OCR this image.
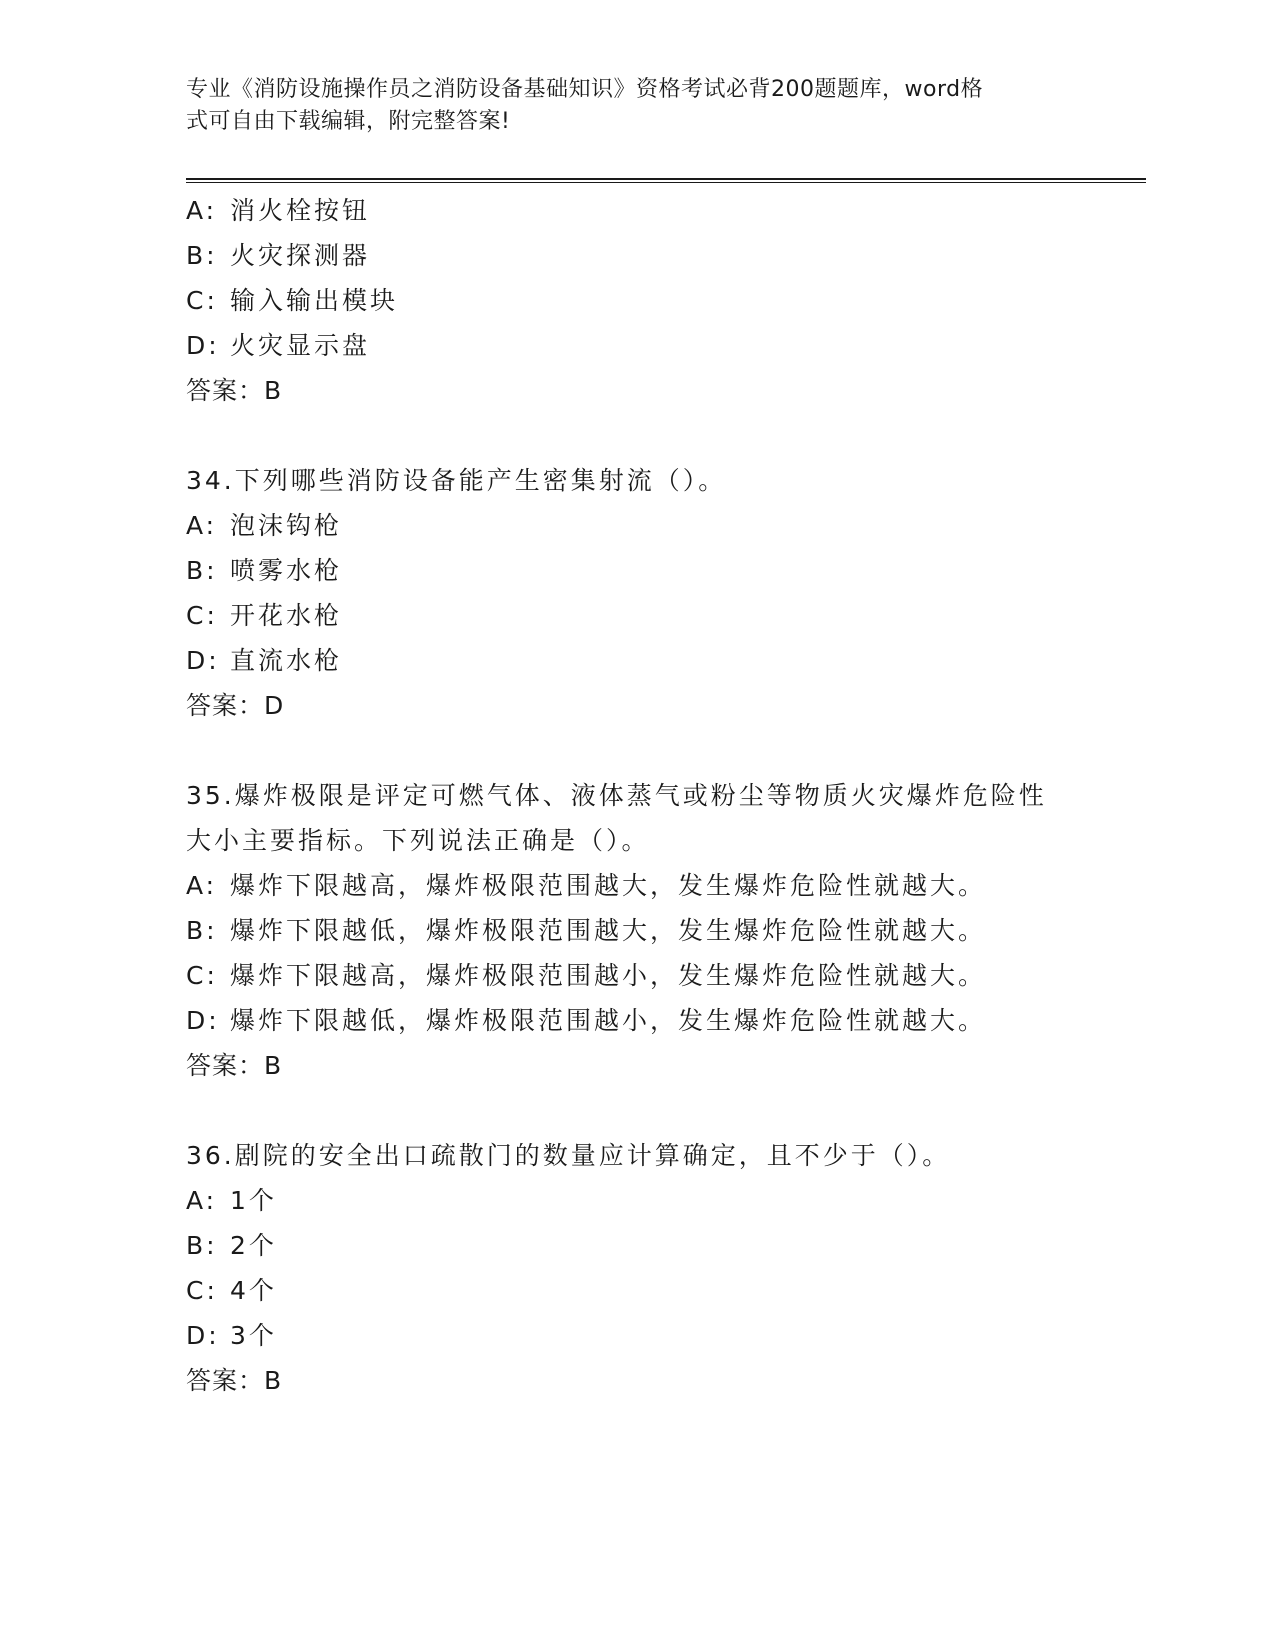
专业《消防设施操作员之消防设备基础知识》资格考试必背200题题库，word格
式可自由下载编辑，附完整答案!
A: 消火栓按钮
B: 火灾探测器
C: 输入输出模块
D: 火灾显示盘
答案：B
34.下列哪些消防设备能产生密集射流（）。
A: 泡沫钩枪
B: 喷雾水枪
C: 开花水枪
D: 直流水枪
答案：D
35.爆炸极限是评定可燃气体、液体蒸气或粉尘等物质火灾爆炸危险性
大小主要指标。下列说法正确是（）。
A: 爆炸下限越高，爆炸极限范围越大，发生爆炸危险性就越大。
B: 爆炸下限越低，爆炸极限范围越大，发生爆炸危险性就越大。
C: 爆炸下限越高，爆炸极限范围越小，发生爆炸危险性就越大。
D: 爆炸下限越低，爆炸极限范围越小，发生爆炸危险性就越大。
答案：B
36.剧院的安全出口疏散门的数量应计算确定，且不少于（）。
A: 1个
B: 2个
C: 4个
D: 3个
答案：B
